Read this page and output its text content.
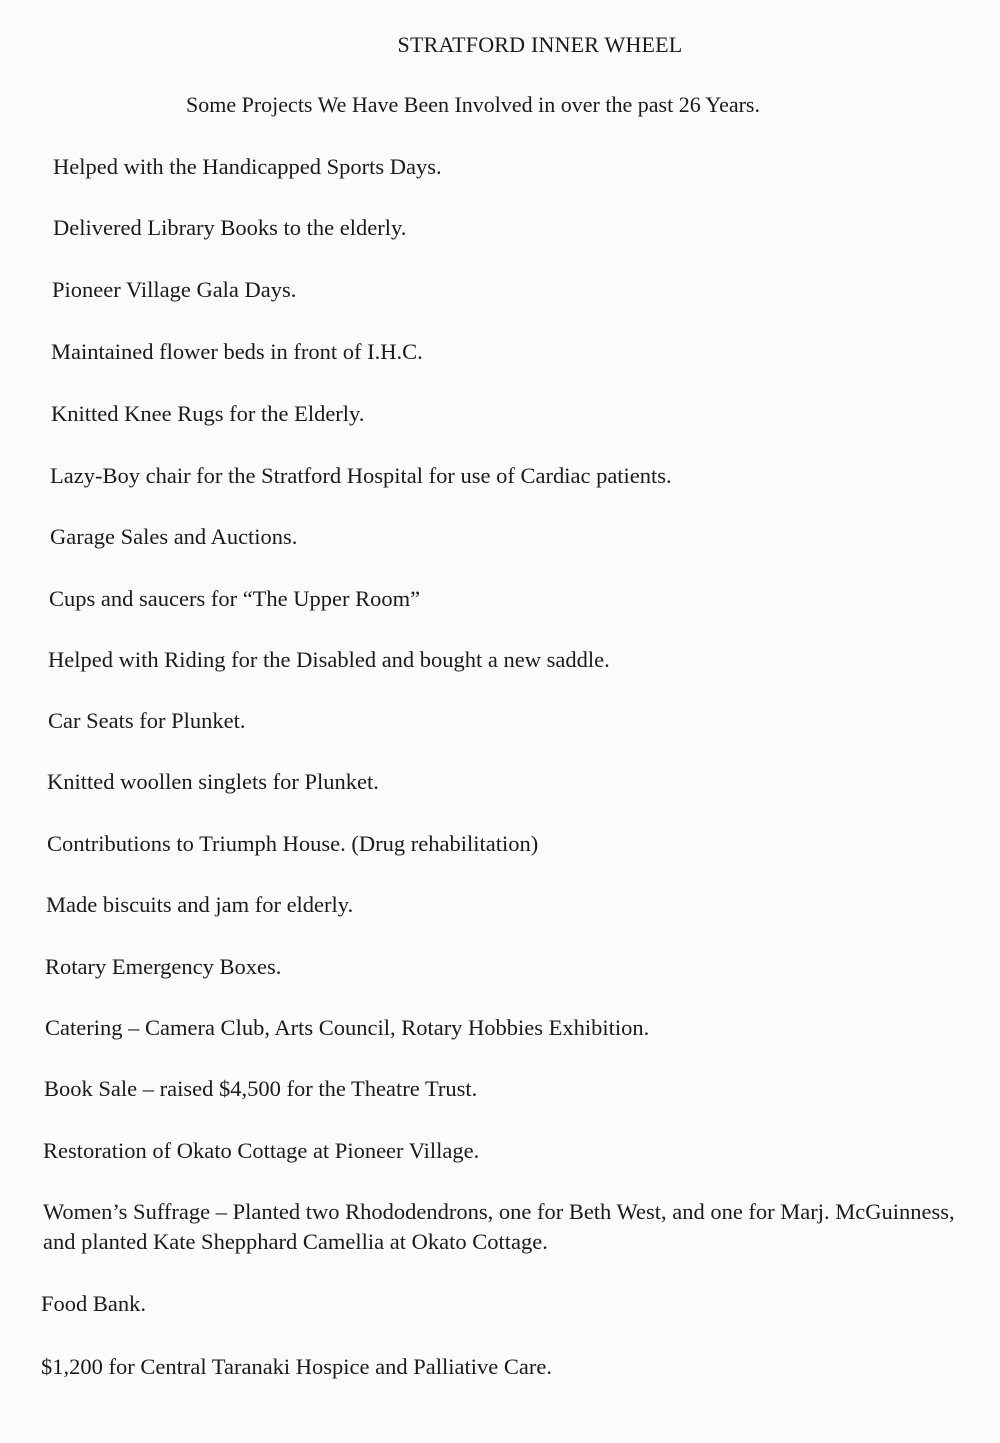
STRATFORD INNER WHEEL
Some Projects We Have Been Involved in over the past 26 Years.
Helped with the Handicapped Sports Days.
Delivered Library Books to the elderly.
Pioneer Village Gala Days.
Maintained flower beds in front of I.H.C.
Knitted Knee Rugs for the Elderly.
Lazy-Boy chair for the Stratford Hospital for use of Cardiac patients.
Garage Sales and Auctions.
Cups and saucers for “The Upper Room”
Helped with Riding for the Disabled and bought a new saddle.
Car Seats for Plunket.
Knitted woollen singlets for Plunket.
Contributions to Triumph House. (Drug rehabilitation)
Made biscuits and jam for elderly.
Rotary Emergency Boxes.
Catering – Camera Club, Arts Council, Rotary Hobbies Exhibition.
Book Sale – raised $4,500 for the Theatre Trust.
Restoration of Okato Cottage at Pioneer Village.
Women’s Suffrage – Planted two Rhododendrons, one for Beth West, and one for Marj. McGuinness, and planted Kate Shepphard Camellia at Okato Cottage.
Food Bank.
$1,200 for Central Taranaki Hospice and Palliative Care.
